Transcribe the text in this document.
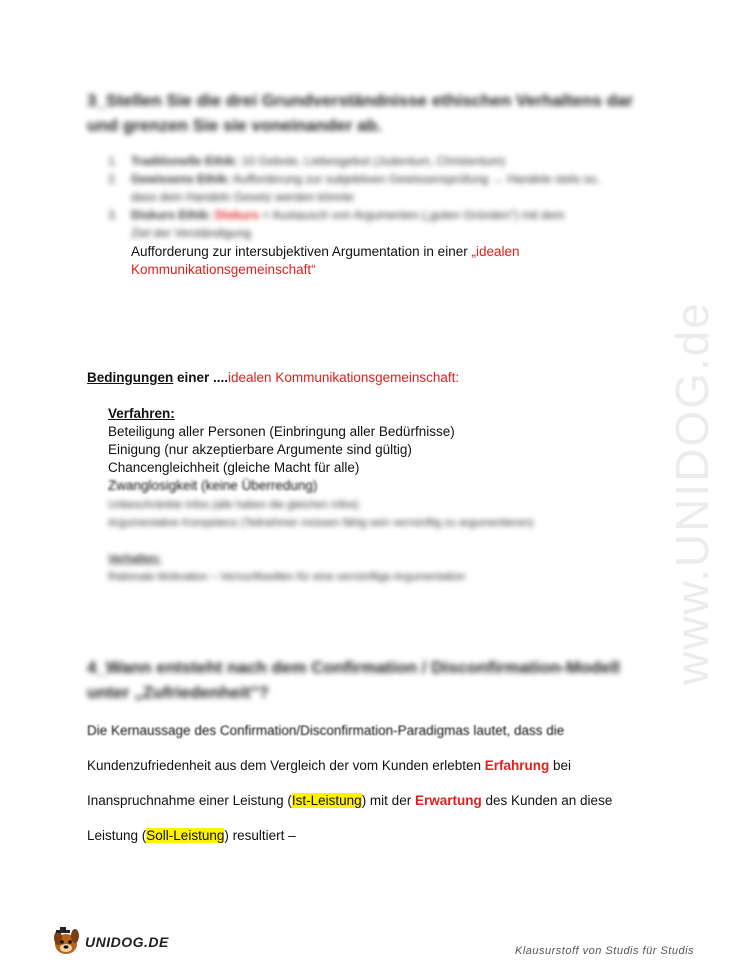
3_Stellen Sie die drei Grundverständnisse ethischen Verhaltens dar
und grenzen Sie sie voneinander ab.
1.	Traditionelle Ethik: 10 Gebote, Liebesgebot (Judentum, Christentum)
2.	Gewissens Ethik: Aufforderung zur subjektiven Gewissensprüfung → Handele stets so,
dass dein Handeln Gesetz werden könnte
3.	Diskurs Ethik: Diskurs = Austausch von Argumenten („guten Gründen") mit dem
Ziel der Verständigung
Aufforderung zur intersubjektiven Argumentation in einer „idealen
Kommunikationsgemeinschaft“
Bedingungen einer ....idealen Kommunikationsgemeinschaft:
Verfahren:
Beteiligung aller Personen (Einbringung aller Bedürfnisse)
Einigung (nur akzeptierbare Argumente sind gültig)
Chancengleichheit (gleiche Macht für alle)
Zwanglosigkeit (keine Überredung)
Unbeschränkte Infos (alle haben die gleichen Infos)
Argumentative Kompetenz (Teilnehmer müssen fähig sein vernünftig zu argumentieren)
Verhalten:
Rationale Motivation – Vernunftswillen für eine vernünftige Argumentation
4_Wann entsteht nach dem Confirmation / Disconfirmation-Modell
unter „Zufriedenheit"?
Die Kernaussage des Confirmation/Disconfirmation-Paradigmas lautet, dass die
Kundenzufriedenheit aus dem Vergleich der vom Kunden erlebten Erfahrung bei
Inanspruchnahme einer Leistung (Ist-Leistung) mit der Erwartung des Kunden an diese
Leistung (Soll-Leistung) resultiert –
www.UNIDOG.de
UNIDOG.DE
Klausurstoff von Studis für Studis
